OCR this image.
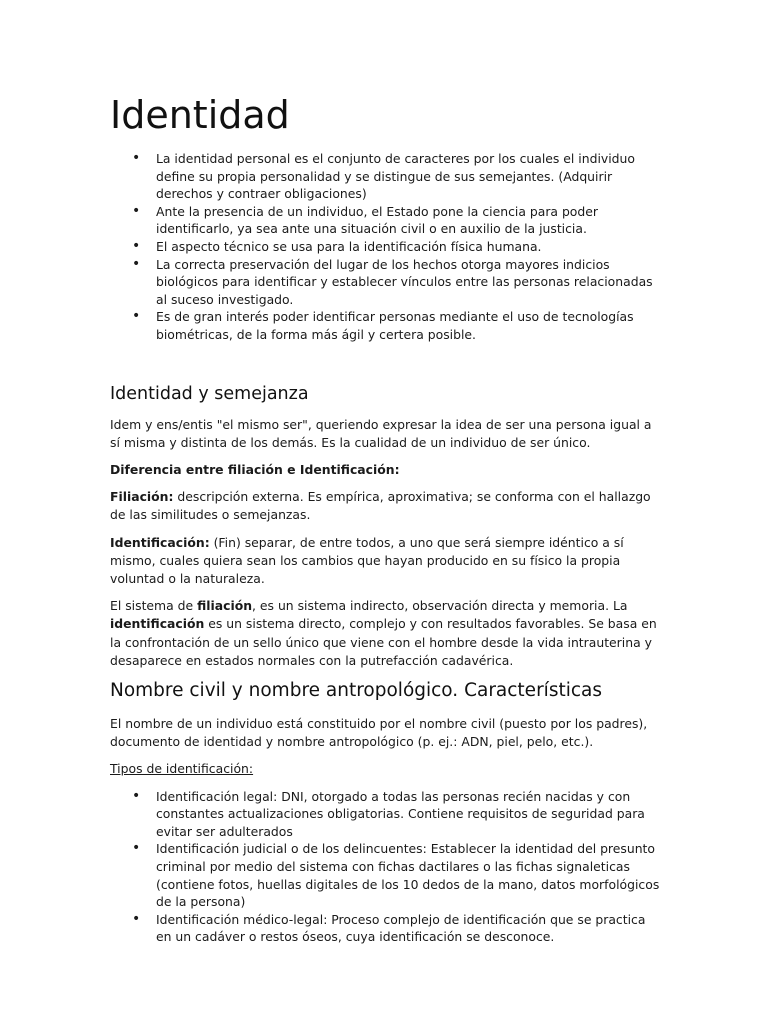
Identidad
• La identidad personal es el conjunto de caracteres por los cuales el individuo define su propia personalidad y se distingue de sus semejantes. (Adquirir derechos y contraer obligaciones)
• Ante la presencia de un individuo, el Estado pone la ciencia para poder identificarlo, ya sea ante una situación civil o en auxilio de la justicia.
• El aspecto técnico se usa para la identificación física humana.
• La correcta preservación del lugar de los hechos otorga mayores indicios biológicos para identificar y establecer vínculos entre las personas relacionadas al suceso investigado.
• Es de gran interés poder identificar personas mediante el uso de tecnologías biométricas, de la forma más ágil y certera posible.
Identidad y semejanza

Idem y ens/entis "el mismo ser", queriendo expresar la idea de ser una persona igual a sí misma y distinta de los demás. Es la cualidad de un individuo de ser único.

Diferencia entre filiación e Identificación:

Filiación: descripción externa. Es empírica, aproximativa; se conforma con el hallazgo de las similitudes o semejanzas.

Identificación: (Fin) separar, de entre todos, a uno que será siempre idéntico a sí mismo, cuales quiera sean los cambios que hayan producido en su físico la propia voluntad o la naturaleza.

El sistema de filiación, es un sistema indirecto, observación directa y memoria. La identificación es un sistema directo, complejo y con resultados favorables. Se basa en la confrontación de un sello único que viene con el hombre desde la vida intrauterina y desaparece en estados normales con la putrefacción cadavérica.

Nombre civil y nombre antropológico. Características

El nombre de un individuo está constituido por el nombre civil (puesto por los padres), documento de identidad y nombre antropológico (p. ej.: ADN, piel, pelo, etc.).

Tipos de identificación:

• Identificación legal: DNI, otorgado a todas las personas recién nacidas y con constantes actualizaciones obligatorias. Contiene requisitos de seguridad para evitar ser adulterados
• Identificación judicial o de los delincuentes: Establecer la identidad del presunto criminal por medio del sistema con fichas dactilares o las fichas signaleticas (contiene fotos, huellas digitales de los 10 dedos de la mano, datos morfológicos de la persona)
• Identificación médico-legal: Proceso complejo de identificación que se practica en un cadáver o restos óseos, cuya identificación se desconoce.
